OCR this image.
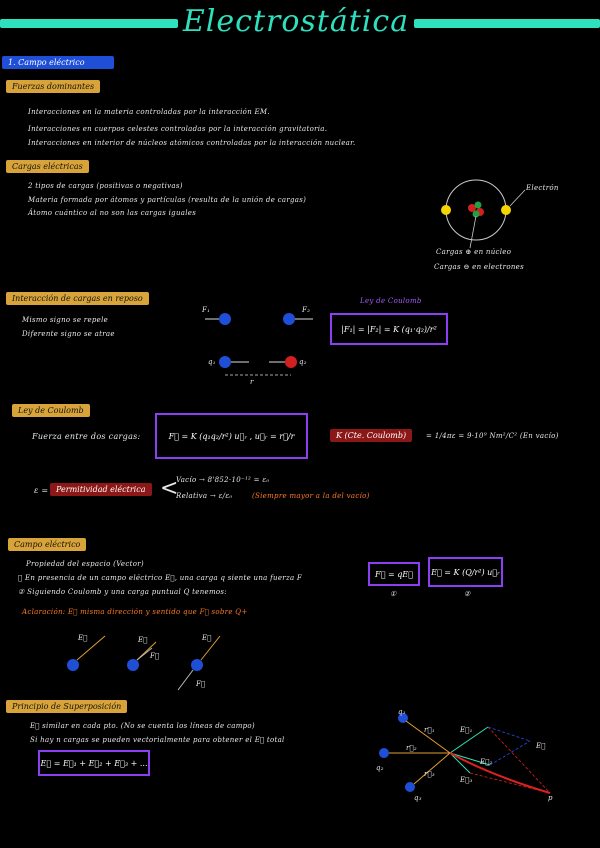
Electrostática
1. Campo eléctrico
Fuerzas dominantes
Interacciones en la materia controladas por la interacción EM.
Interacciones en cuerpos celestes controladas por la interacción gravitatoria.
Interacciones en interior de núcleos atómicos controladas por la interacción nuclear.
Cargas eléctricas
2 tipos de cargas (positivas o negativas)
Materia formada por átomos y partículas (resulta de la unión de cargas)
Átomo cuántico al no son las cargas iguales
Electrón
Cargas ⊕ en núcleo
Cargas ⊖ en electrones
Interacción de cargas en reposo
Mismo signo se repele
Diferente signo se atrae
F₁	F₂
q₁	q₂
r
Ley de Coulomb
|F₁| = |F₂| = K (q₁·q₂)/r²
Ley de Coulomb
Fuerza entre dos cargas:	F⃗ = K (q₁q₂/r²) u⃗ᵣ , u⃗ᵣ = r⃗/r	K (Cte. Coulomb)	= 1/4πε = 9·10⁹ Nm²/C² (En vacío)
ε = Permitividad eléctrica <
Vacío → 8'852·10⁻¹² = ε₀
Relativa → ε/ε₀	(Siempre mayor a la del vacío)
Campo eléctrico
Propiedad del espacio (Vector)
① En presencia de un campo eléctrico E⃗, una carga q siente una fuerza F
② Siguiendo Coulomb y una carga puntual Q tenemos:
Aclaración: E⃗ misma dirección y sentido que F⃗ sobre Q+
F⃗ = qE⃗	E⃗ = K (Q/r²) u⃗ᵣ
①	②
E⃗	E⃗
F⃗
E⃗
F⃗
Principio de Superposición
E⃗ similar en cada pto. (No se cuenta los líneas de campo)
Si hay n cargas se pueden vectorialmente para obtener el E⃗ total
E⃗ = E⃗₁ + E⃗₂ + E⃗₃ + ...
q₁
q₂
q₃
r⃗₁
r⃗₂
r⃗₃
E⃗₁
E⃗₂
E⃗₃
E⃗
p
